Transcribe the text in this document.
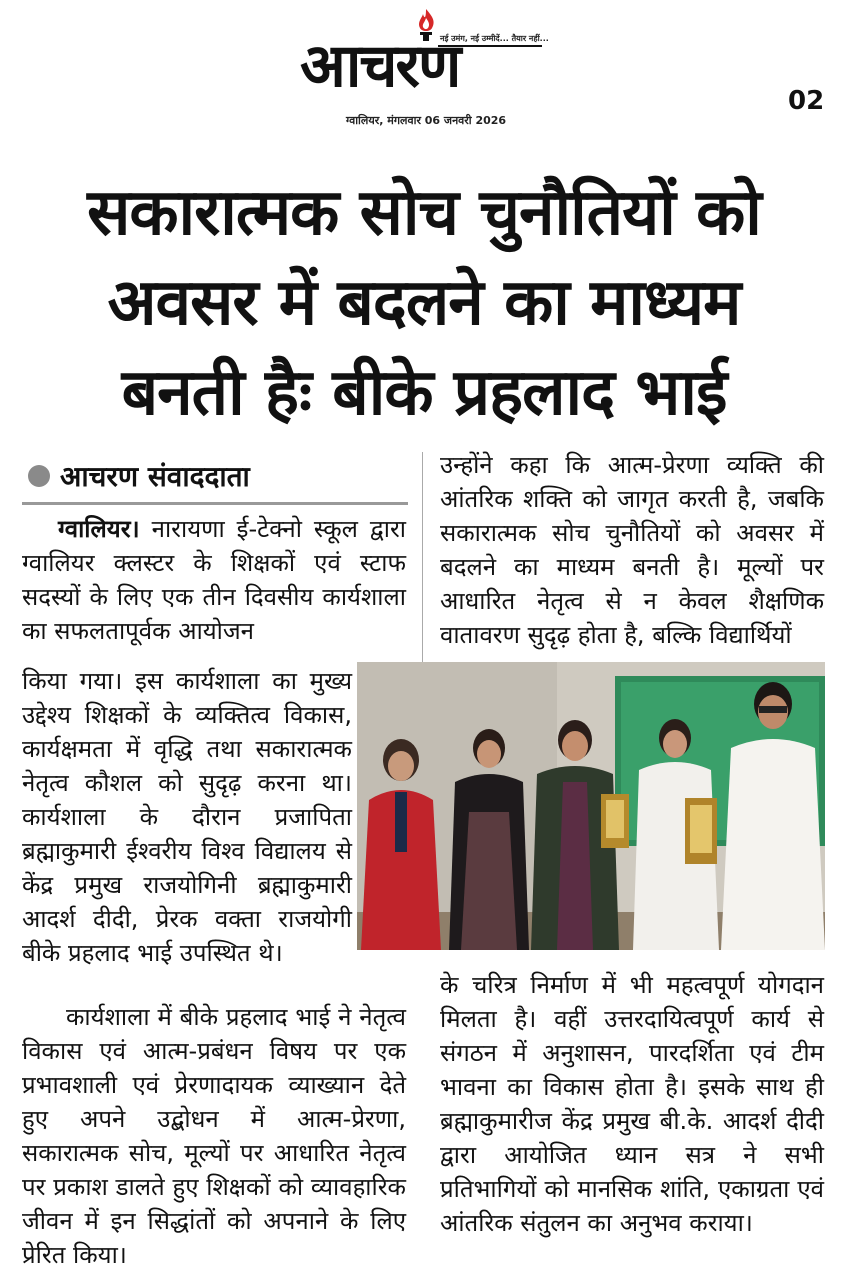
नई उमंग, नई उम्मीदें... तैयार नहीं...
आचरण
ग्वालियर, मंगलवार 06 जनवरी 2026
02
सकारात्मक सोच चुनौतियों को
अवसर में बदलने का माध्यम
बनती हैः बीके प्रहलाद भाई
आचरण संवाददाता

ग्वालियर। नारायणा ई-टेक्नो स्कूल द्वारा ग्वालियर क्लस्टर के शिक्षकों एवं स्टाफ सदस्यों के लिए एक तीन दिवसीय कार्यशाला का सफलतापूर्वक आयोजन

किया गया। इस कार्यशाला का मुख्य उद्देश्य शिक्षकों के व्यक्तित्व विकास, कार्यक्षमता में वृद्धि तथा सकारात्मक नेतृत्व कौशल को सुदृढ़ करना था। कार्यशाला के दौरान प्रजापिता ब्रह्माकुमारी ईश्वरीय विश्व विद्यालय से केंद्र प्रमुख राजयोगिनी ब्रह्माकुमारी आदर्श दीदी, प्रेरक वक्ता राजयोगी बीके प्रहलाद भाई उपस्थित थे।

कार्यशाला में बीके प्रहलाद भाई ने नेतृत्व विकास एवं आत्म-प्रबंधन विषय पर एक प्रभावशाली एवं प्रेरणादायक व्याख्यान देते हुए अपने उद्बोधन में आत्म-प्रेरणा, सकारात्मक सोच, मूल्यों पर आधारित नेतृत्व पर प्रकाश डालते हुए शिक्षकों को व्यावहारिक जीवन में इन सिद्धांतों को अपनाने के लिए प्रेरित किया।

उन्होंने कहा कि आत्म-प्रेरणा व्यक्ति की आंतरिक शक्ति को जागृत करती है, जबकि सकारात्मक सोच चुनौतियों को अवसर में बदलने का माध्यम बनती है। मूल्यों पर आधारित नेतृत्व से न केवल शैक्षणिक वातावरण सुदृढ़ होता है, बल्कि विद्यार्थियों

के चरित्र निर्माण में भी महत्वपूर्ण योगदान मिलता है। वहीं उत्तरदायित्वपूर्ण कार्य से संगठन में अनुशासन, पारदर्शिता एवं टीम भावना का विकास होता है। इसके साथ ही ब्रह्माकुमारीज केंद्र प्रमुख बी.के. आदर्श दीदी द्वारा आयोजित ध्यान सत्र ने सभी प्रतिभागियों को मानसिक शांति, एकाग्रता एवं आंतरिक संतुलन का अनुभव कराया।
